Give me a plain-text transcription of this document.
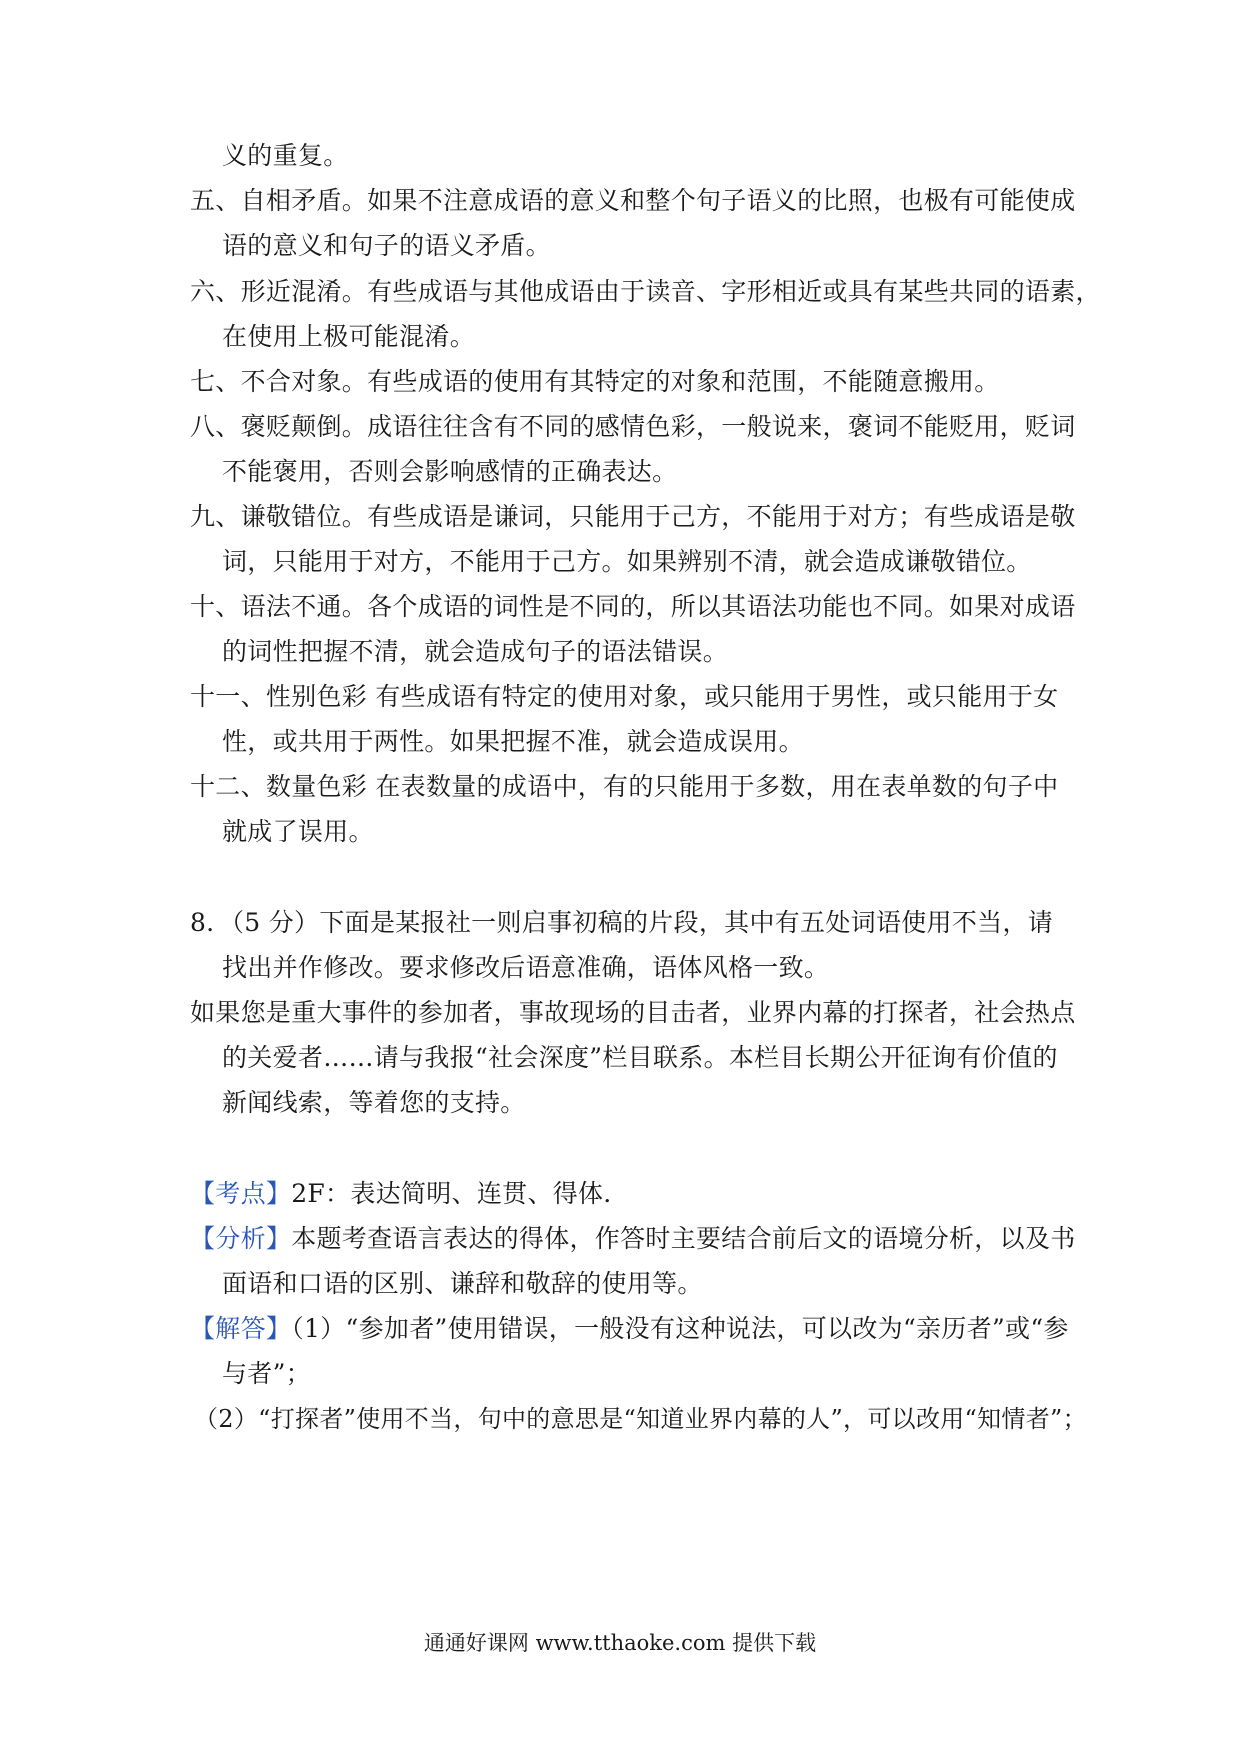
义的重复。
五、自相矛盾。如果不注意成语的意义和整个句子语义的比照，也极有可能使成
语的意义和句子的语义矛盾。
六、形近混淆。有些成语与其他成语由于读音、字形相近或具有某些共同的语素，
在使用上极可能混淆。
七、不合对象。有些成语的使用有其特定的对象和范围，不能随意搬用。
八、褒贬颠倒。成语往往含有不同的感情色彩，一般说来，褒词不能贬用，贬词
不能褒用，否则会影响感情的正确表达。
九、谦敬错位。有些成语是谦词，只能用于己方，不能用于对方；有些成语是敬
词，只能用于对方，不能用于己方。如果辨别不清，就会造成谦敬错位。
十、语法不通。各个成语的词性是不同的，所以其语法功能也不同。如果对成语
的词性把握不清，就会造成句子的语法错误。
十一、性别色彩 有些成语有特定的使用对象，或只能用于男性，或只能用于女
性，或共用于两性。如果把握不准，就会造成误用。
十二、数量色彩 在表数量的成语中，有的只能用于多数，用在表单数的句子中
就成了误用。
8．（5 分）下面是某报社一则启事初稿的片段，其中有五处词语使用不当，请
找出并作修改。要求修改后语意准确，语体风格一致。
如果您是重大事件的参加者，事故现场的目击者，业界内幕的打探者，社会热点
的关爱者……请与我报“社会深度”栏目联系。本栏目长期公开征询有价值的
新闻线索，等着您的支持。
【考点】2F：表达简明、连贯、得体．
【分析】本题考查语言表达的得体，作答时主要结合前后文的语境分析，以及书
面语和口语的区别、谦辞和敬辞的使用等。
【解答】（1）“参加者”使用错误，一般没有这种说法，可以改为“亲历者”或“参
与者”；
（2）“打探者”使用不当，句中的意思是“知道业界内幕的人”，可以改用“知情者”；
通通好课网 www.tthaoke.com 提供下载
